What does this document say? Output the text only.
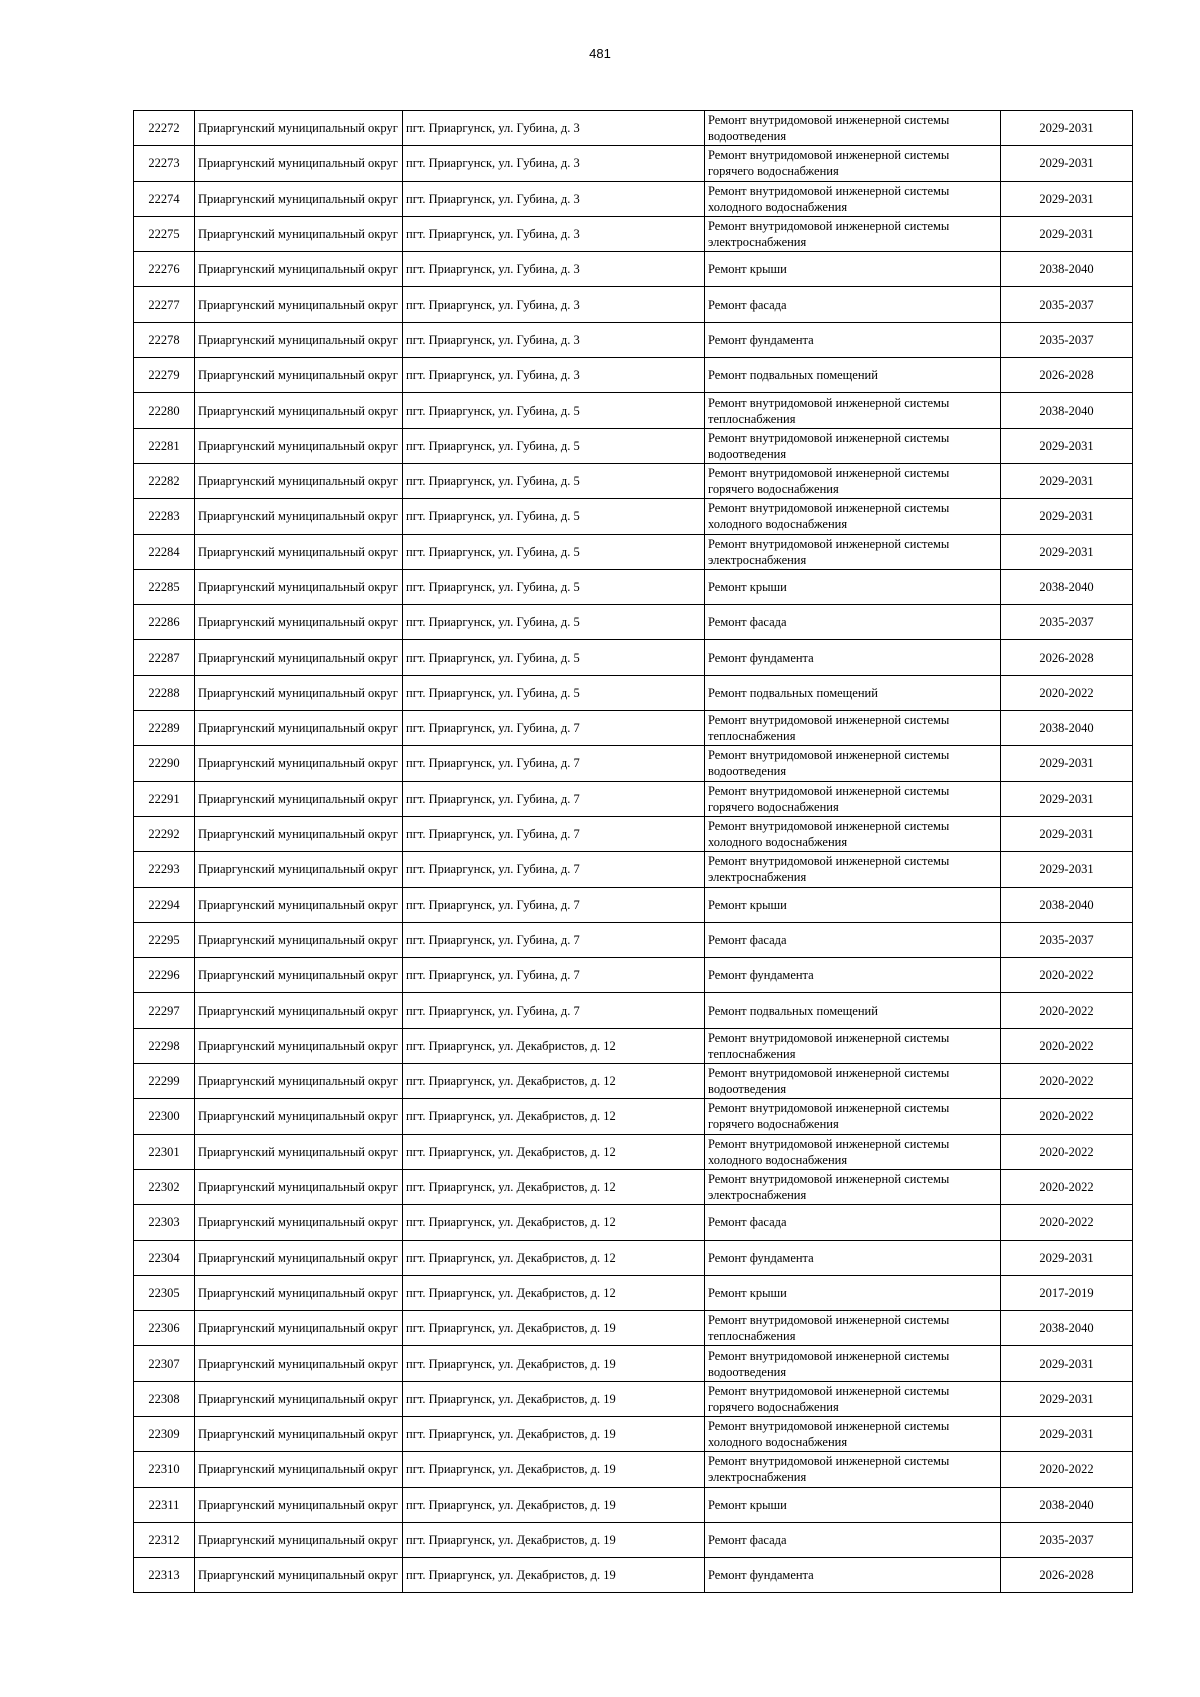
481
22272	Приаргунский муниципальный округ	пгт. Приаргунск, ул. Губина, д. 3	Ремонт внутридомовой инженерной системы водоотведения	2029-2031
22273	Приаргунский муниципальный округ	пгт. Приаргунск, ул. Губина, д. 3	Ремонт внутридомовой инженерной системы горячего водоснабжения	2029-2031
22274	Приаргунский муниципальный округ	пгт. Приаргунск, ул. Губина, д. 3	Ремонт внутридомовой инженерной системы холодного водоснабжения	2029-2031
22275	Приаргунский муниципальный округ	пгт. Приаргунск, ул. Губина, д. 3	Ремонт внутридомовой инженерной системы электроснабжения	2029-2031
22276	Приаргунский муниципальный округ	пгт. Приаргунск, ул. Губина, д. 3	Ремонт крыши	2038-2040
22277	Приаргунский муниципальный округ	пгт. Приаргунск, ул. Губина, д. 3	Ремонт фасада	2035-2037
22278	Приаргунский муниципальный округ	пгт. Приаргунск, ул. Губина, д. 3	Ремонт фундамента	2035-2037
22279	Приаргунский муниципальный округ	пгт. Приаргунск, ул. Губина, д. 3	Ремонт подвальных помещений	2026-2028
22280	Приаргунский муниципальный округ	пгт. Приаргунск, ул. Губина, д. 5	Ремонт внутридомовой инженерной системы теплоснабжения	2038-2040
22281	Приаргунский муниципальный округ	пгт. Приаргунск, ул. Губина, д. 5	Ремонт внутридомовой инженерной системы водоотведения	2029-2031
22282	Приаргунский муниципальный округ	пгт. Приаргунск, ул. Губина, д. 5	Ремонт внутридомовой инженерной системы горячего водоснабжения	2029-2031
22283	Приаргунский муниципальный округ	пгт. Приаргунск, ул. Губина, д. 5	Ремонт внутридомовой инженерной системы холодного водоснабжения	2029-2031
22284	Приаргунский муниципальный округ	пгт. Приаргунск, ул. Губина, д. 5	Ремонт внутридомовой инженерной системы электроснабжения	2029-2031
22285	Приаргунский муниципальный округ	пгт. Приаргунск, ул. Губина, д. 5	Ремонт крыши	2038-2040
22286	Приаргунский муниципальный округ	пгт. Приаргунск, ул. Губина, д. 5	Ремонт фасада	2035-2037
22287	Приаргунский муниципальный округ	пгт. Приаргунск, ул. Губина, д. 5	Ремонт фундамента	2026-2028
22288	Приаргунский муниципальный округ	пгт. Приаргунск, ул. Губина, д. 5	Ремонт подвальных помещений	2020-2022
22289	Приаргунский муниципальный округ	пгт. Приаргунск, ул. Губина, д. 7	Ремонт внутридомовой инженерной системы теплоснабжения	2038-2040
22290	Приаргунский муниципальный округ	пгт. Приаргунск, ул. Губина, д. 7	Ремонт внутридомовой инженерной системы водоотведения	2029-2031
22291	Приаргунский муниципальный округ	пгт. Приаргунск, ул. Губина, д. 7	Ремонт внутридомовой инженерной системы горячего водоснабжения	2029-2031
22292	Приаргунский муниципальный округ	пгт. Приаргунск, ул. Губина, д. 7	Ремонт внутридомовой инженерной системы холодного водоснабжения	2029-2031
22293	Приаргунский муниципальный округ	пгт. Приаргунск, ул. Губина, д. 7	Ремонт внутридомовой инженерной системы электроснабжения	2029-2031
22294	Приаргунский муниципальный округ	пгт. Приаргунск, ул. Губина, д. 7	Ремонт крыши	2038-2040
22295	Приаргунский муниципальный округ	пгт. Приаргунск, ул. Губина, д. 7	Ремонт фасада	2035-2037
22296	Приаргунский муниципальный округ	пгт. Приаргунск, ул. Губина, д. 7	Ремонт фундамента	2020-2022
22297	Приаргунский муниципальный округ	пгт. Приаргунск, ул. Губина, д. 7	Ремонт подвальных помещений	2020-2022
22298	Приаргунский муниципальный округ	пгт. Приаргунск, ул. Декабристов, д. 12	Ремонт внутридомовой инженерной системы теплоснабжения	2020-2022
22299	Приаргунский муниципальный округ	пгт. Приаргунск, ул. Декабристов, д. 12	Ремонт внутридомовой инженерной системы водоотведения	2020-2022
22300	Приаргунский муниципальный округ	пгт. Приаргунск, ул. Декабристов, д. 12	Ремонт внутридомовой инженерной системы горячего водоснабжения	2020-2022
22301	Приаргунский муниципальный округ	пгт. Приаргунск, ул. Декабристов, д. 12	Ремонт внутридомовой инженерной системы холодного водоснабжения	2020-2022
22302	Приаргунский муниципальный округ	пгт. Приаргунск, ул. Декабристов, д. 12	Ремонт внутридомовой инженерной системы электроснабжения	2020-2022
22303	Приаргунский муниципальный округ	пгт. Приаргунск, ул. Декабристов, д. 12	Ремонт фасада	2020-2022
22304	Приаргунский муниципальный округ	пгт. Приаргунск, ул. Декабристов, д. 12	Ремонт фундамента	2029-2031
22305	Приаргунский муниципальный округ	пгт. Приаргунск, ул. Декабристов, д. 12	Ремонт крыши	2017-2019
22306	Приаргунский муниципальный округ	пгт. Приаргунск, ул. Декабристов, д. 19	Ремонт внутридомовой инженерной системы теплоснабжения	2038-2040
22307	Приаргунский муниципальный округ	пгт. Приаргунск, ул. Декабристов, д. 19	Ремонт внутридомовой инженерной системы водоотведения	2029-2031
22308	Приаргунский муниципальный округ	пгт. Приаргунск, ул. Декабристов, д. 19	Ремонт внутридомовой инженерной системы горячего водоснабжения	2029-2031
22309	Приаргунский муниципальный округ	пгт. Приаргунск, ул. Декабристов, д. 19	Ремонт внутридомовой инженерной системы холодного водоснабжения	2029-2031
22310	Приаргунский муниципальный округ	пгт. Приаргунск, ул. Декабристов, д. 19	Ремонт внутридомовой инженерной системы электроснабжения	2020-2022
22311	Приаргунский муниципальный округ	пгт. Приаргунск, ул. Декабристов, д. 19	Ремонт крыши	2038-2040
22312	Приаргунский муниципальный округ	пгт. Приаргунск, ул. Декабристов, д. 19	Ремонт фасада	2035-2037
22313	Приаргунский муниципальный округ	пгт. Приаргунск, ул. Декабристов, д. 19	Ремонт фундамента	2026-2028
